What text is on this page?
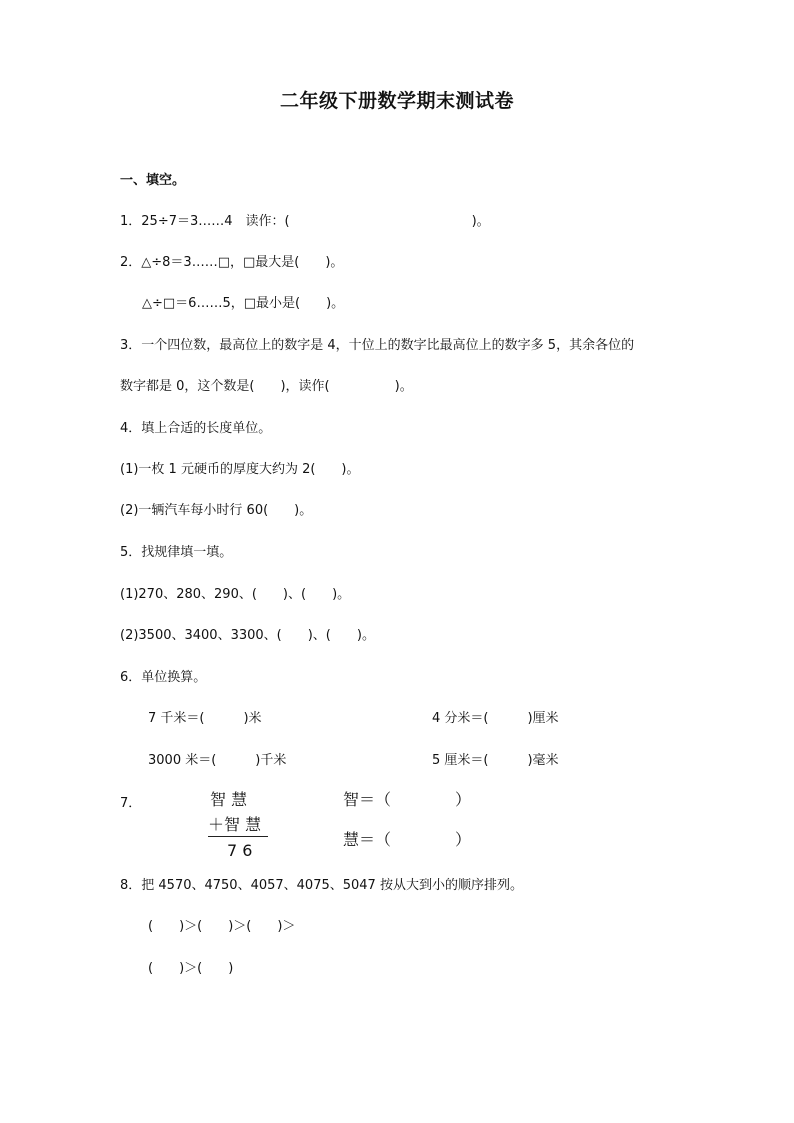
二年级下册数学期末测试卷
一、填空。
1．25÷7＝3……4　读作：(　　　　　　　　　　　　　　)。
2．△÷8＝3……□，□最大是(　　)。
△÷□＝6……5，□最小是(　　)。
3．一个四位数，最高位上的数字是 4，十位上的数字比最高位上的数字多 5，其余各位的
数字都是 0，这个数是(　　)，读作(　　　　　)。
4．填上合适的长度单位。
(1)一枚 1 元硬币的厚度大约为 2(　　)。
(2)一辆汽车每小时行 60(　　)。
5．找规律填一填。
(1)270、280、290、(　　)、(　　)。
(2)3500、3400、3300、(　　)、(　　)。
6．单位换算。
7 千米＝(　　　)米	4 分米＝(　　　)厘米
3000 米＝(　　　)千米	5 厘米＝(　　　)毫米
7．	智 慧
＋智 慧
7 6
智＝（　　　　）
慧＝（　　　　）
8．把 4570、4750、4057、4075、5047 按从大到小的顺序排列。
(　　)＞(　　)＞(　　)＞
(　　)＞(　　)
